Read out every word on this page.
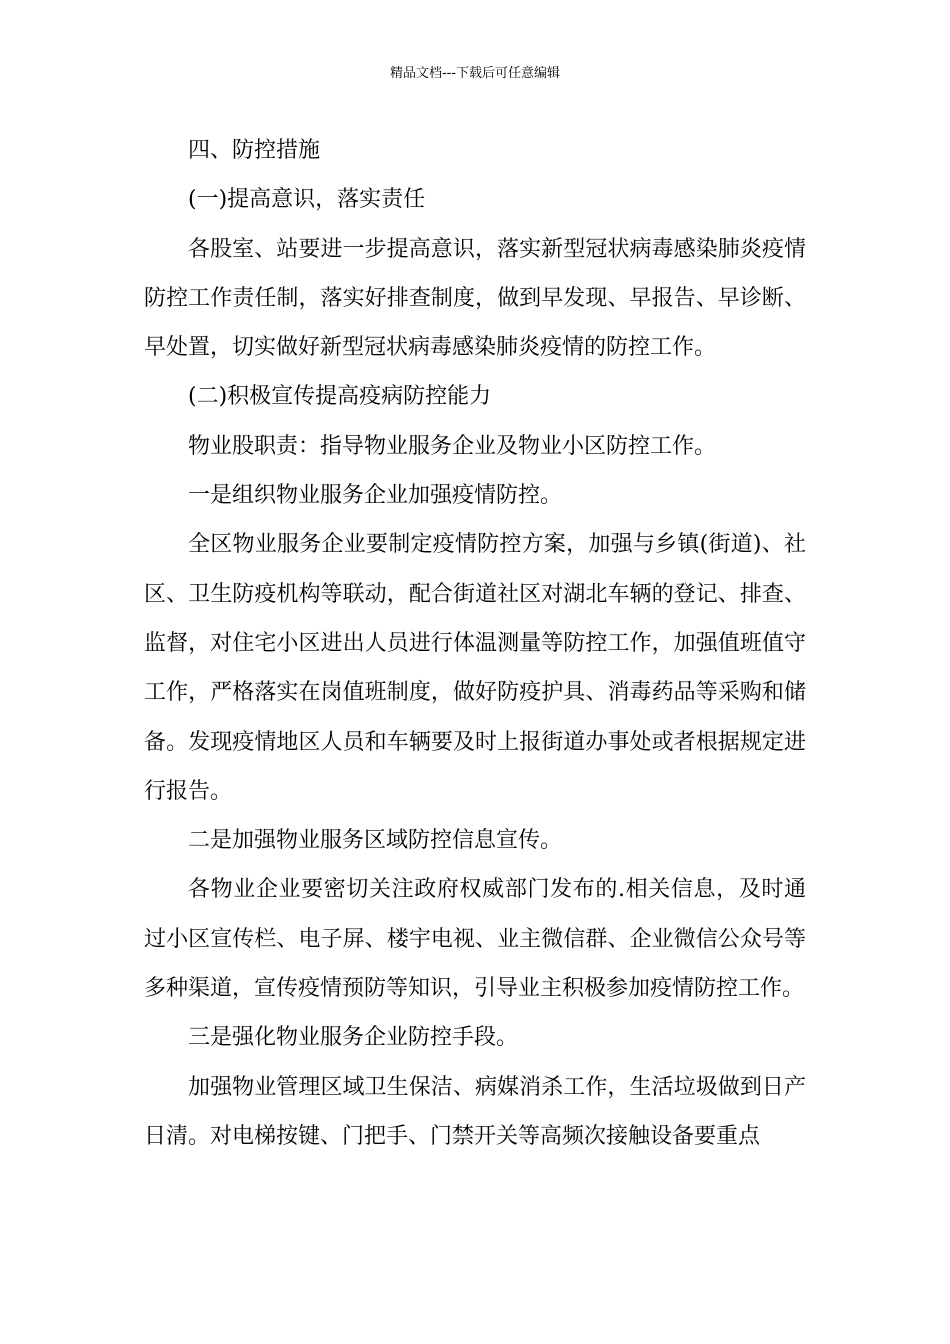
精品文档---下载后可任意编辑

四、防控措施

(一)提高意识，落实责任

各股室、站要进一步提高意识，落实新型冠状病毒感染肺炎疫情防控工作责任制，落实好排查制度，做到早发现、早报告、早诊断、早处置，切实做好新型冠状病毒感染肺炎疫情的防控工作。

(二)积极宣传提高疫病防控能力

物业股职责：指导物业服务企业及物业小区防控工作。

一是组织物业服务企业加强疫情防控。

全区物业服务企业要制定疫情防控方案，加强与乡镇(街道)、社区、卫生防疫机构等联动，配合街道社区对湖北车辆的登记、排查、监督，对住宅小区进出人员进行体温测量等防控工作，加强值班值守工作，严格落实在岗值班制度，做好防疫护具、消毒药品等采购和储备。发现疫情地区人员和车辆要及时上报街道办事处或者根据规定进行报告。

二是加强物业服务区域防控信息宣传。

各物业企业要密切关注政府权威部门发布的.相关信息，及时通过小区宣传栏、电子屏、楼宇电视、业主微信群、企业微信公众号等多种渠道，宣传疫情预防等知识，引导业主积极参加疫情防控工作。

三是强化物业服务企业防控手段。

加强物业管理区域卫生保洁、病媒消杀工作，生活垃圾做到日产日清。对电梯按键、门把手、门禁开关等高频次接触设备要重点
